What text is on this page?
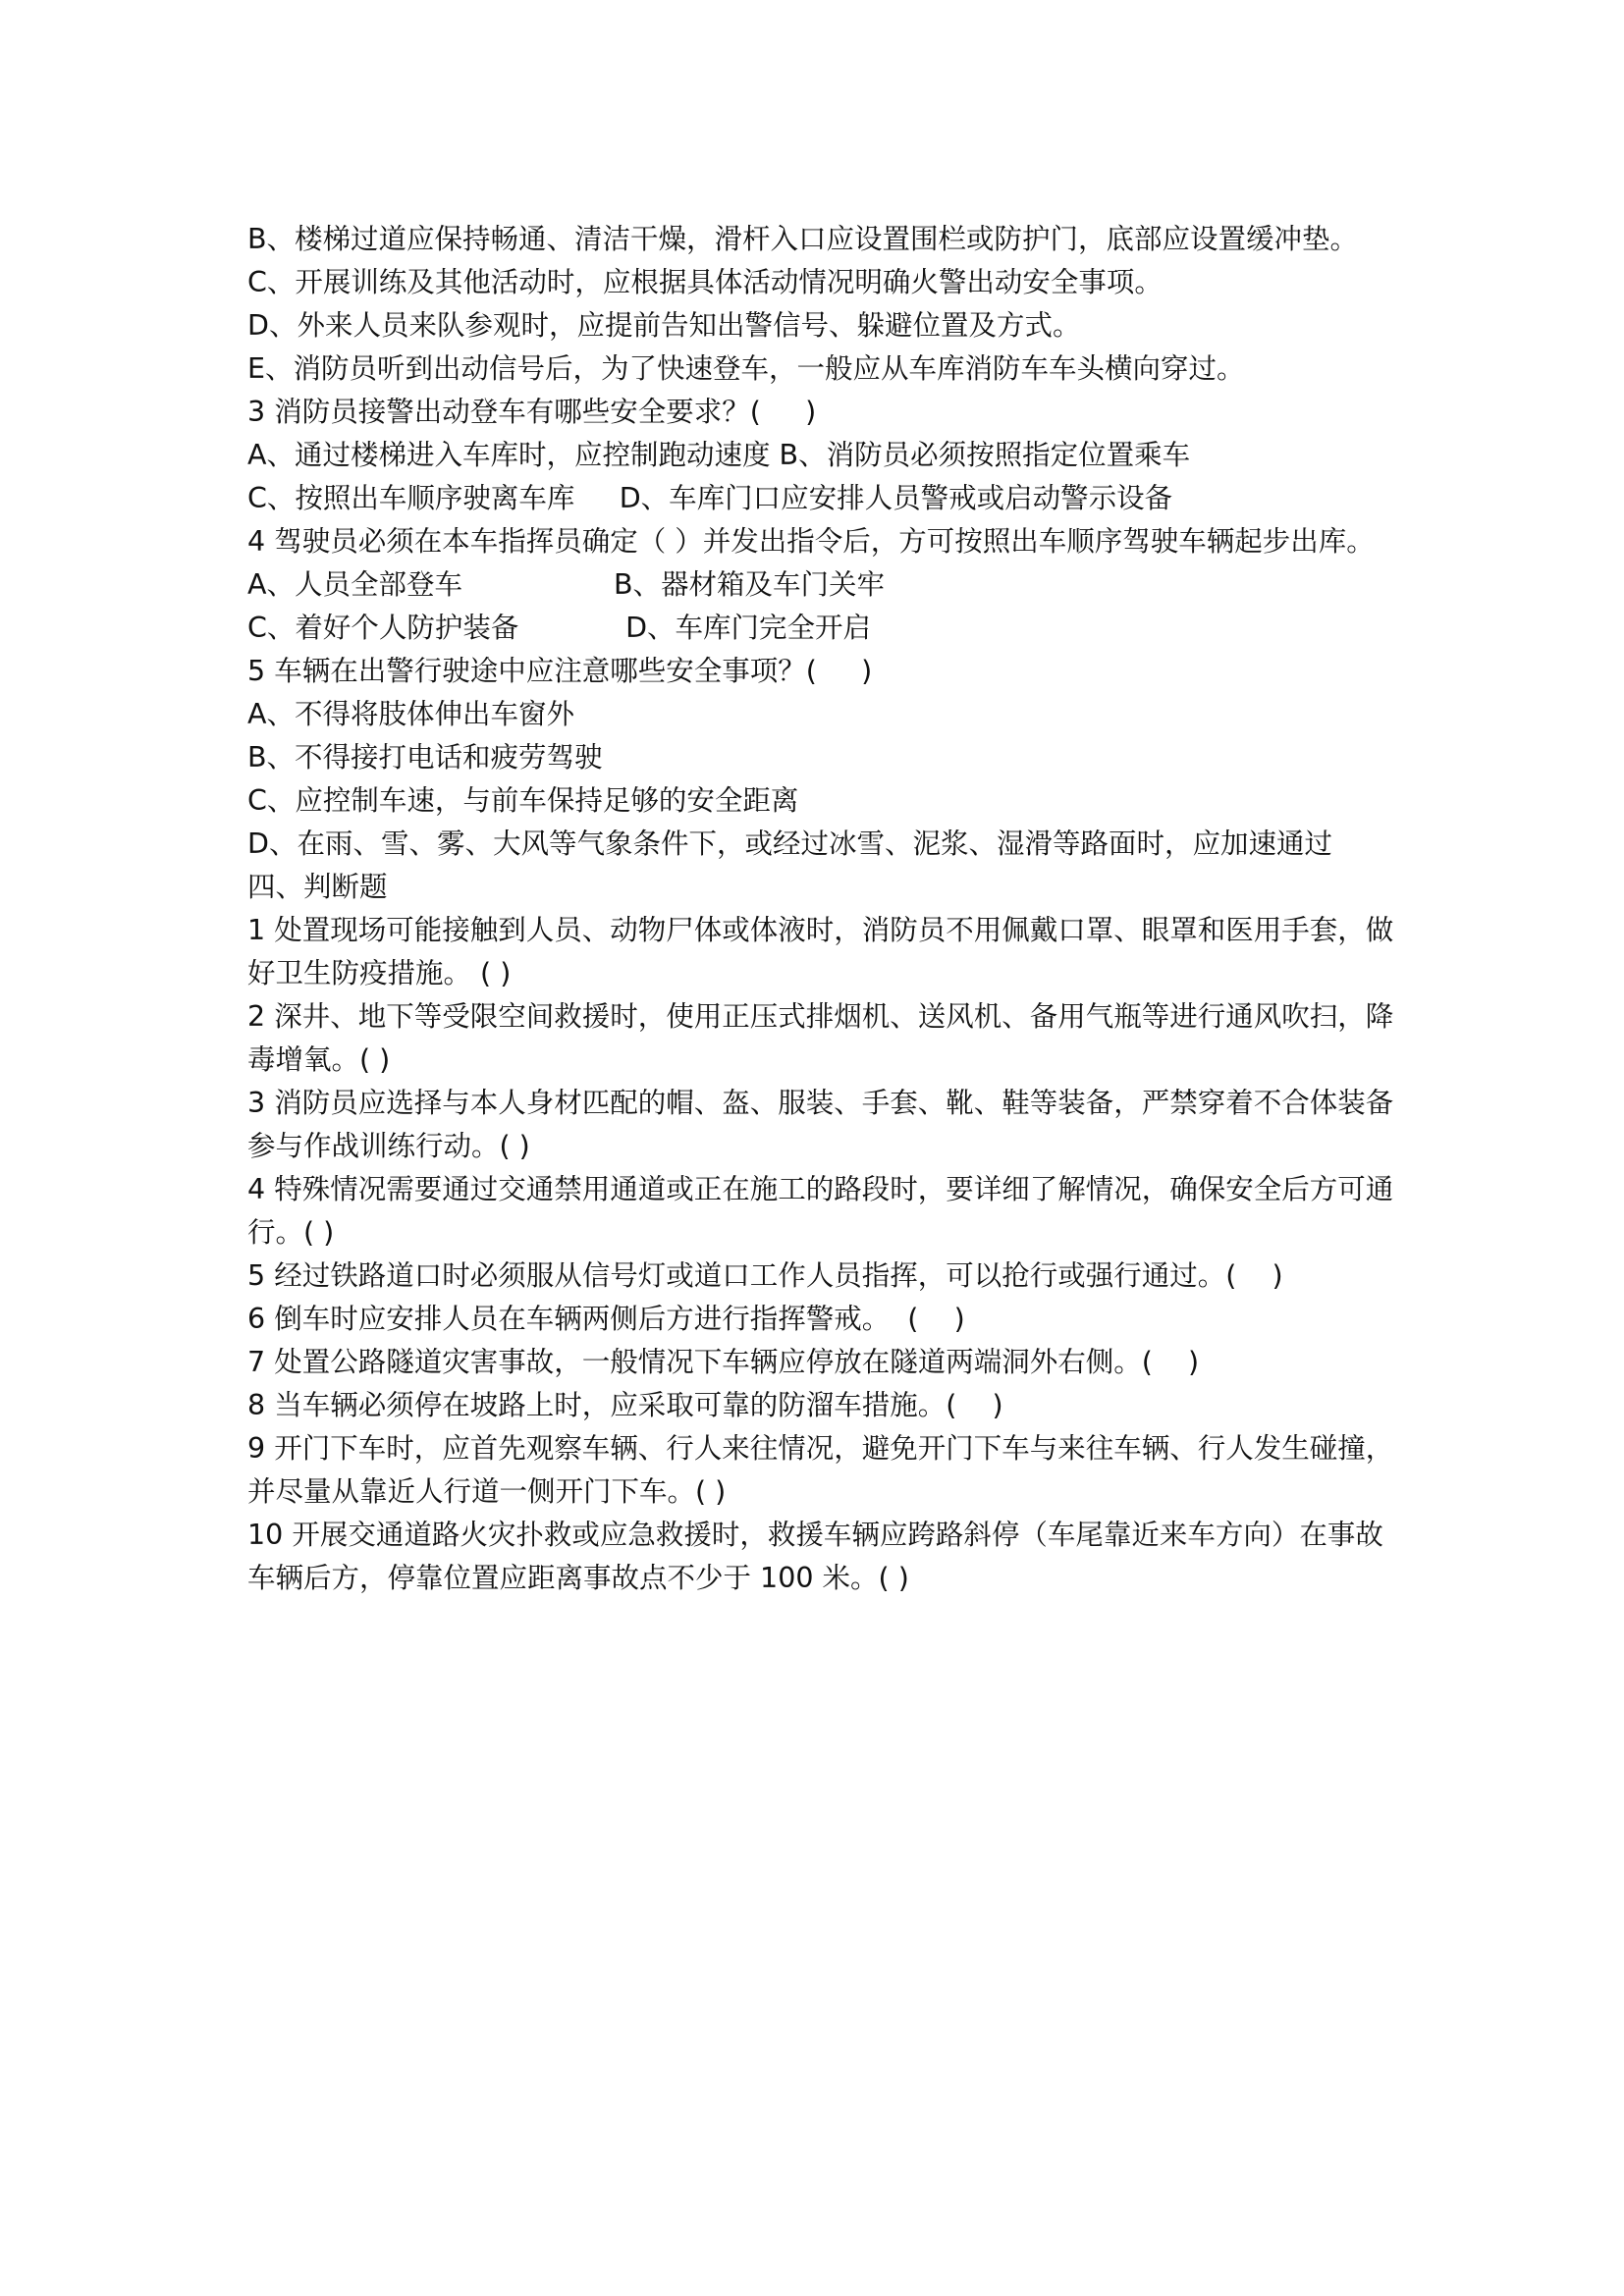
B、楼梯过道应保持畅通、清洁干燥，滑杆入口应设置围栏或防护门，底部应设置缓冲垫。
C、开展训练及其他活动时，应根据具体活动情况明确火警出动安全事项。
D、外来人员来队参观时，应提前告知出警信号、躲避位置及方式。
E、消防员听到出动信号后，为了快速登车，一般应从车库消防车车头横向穿过。
3 消防员接警出动登车有哪些安全要求？(     )
A、通过楼梯进入车库时，应控制跑动速度 B、消防员必须按照指定位置乘车
C、按照出车顺序驶离车库     D、车库门口应安排人员警戒或启动警示设备
4 驾驶员必须在本车指挥员确定（ ）并发出指令后，方可按照出车顺序驾驶车辆起步出库。
A、人员全部登车                 B、器材箱及车门关牢
C、着好个人防护装备            D、车库门完全开启
5 车辆在出警行驶途中应注意哪些安全事项？(     )
A、不得将肢体伸出车窗外
B、不得接打电话和疲劳驾驶
C、应控制车速，与前车保持足够的安全距离
D、在雨、雪、雾、大风等气象条件下，或经过冰雪、泥浆、湿滑等路面时，应加速通过
四、判断题
1 处置现场可能接触到人员、动物尸体或体液时，消防员不用佩戴口罩、眼罩和医用手套，做好卫生防疫措施。 ( )
2 深井、地下等受限空间救援时，使用正压式排烟机、送风机、备用气瓶等进行通风吹扫，降毒增氧。( )
3 消防员应选择与本人身材匹配的帽、盔、服装、手套、靴、鞋等装备，严禁穿着不合体装备参与作战训练行动。( )
4 特殊情况需要通过交通禁用通道或正在施工的路段时，要详细了解情况，确保安全后方可通行。( )
5 经过铁路道口时必须服从信号灯或道口工作人员指挥，可以抢行或强行通过。(    )
6 倒车时应安排人员在车辆两侧后方进行指挥警戒。  (    )
7 处置公路隧道灾害事故，一般情况下车辆应停放在隧道两端洞外右侧。(    )
8 当车辆必须停在坡路上时，应采取可靠的防溜车措施。(    )
9 开门下车时，应首先观察车辆、行人来往情况，避免开门下车与来往车辆、行人发生碰撞，并尽量从靠近人行道一侧开门下车。( )
10 开展交通道路火灾扑救或应急救援时，救援车辆应跨路斜停（车尾靠近来车方向）在事故车辆后方，停靠位置应距离事故点不少于 100 米。( )
